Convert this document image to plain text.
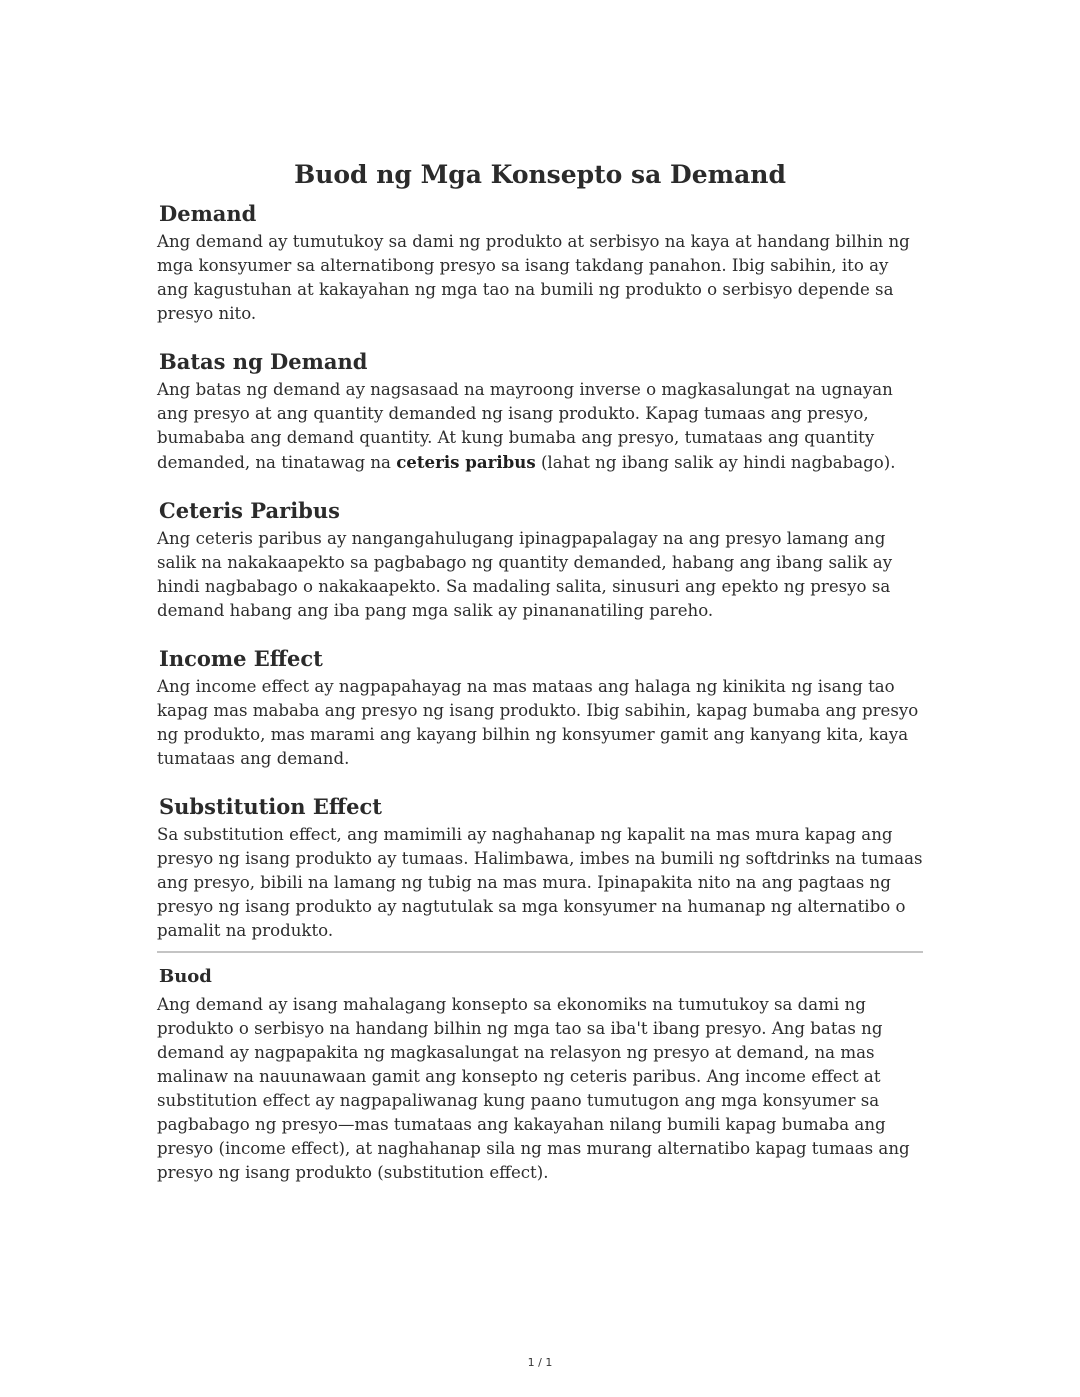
Buod ng Mga Konsepto sa Demand
Demand

Ang demand ay tumutukoy sa dami ng produkto at serbisyo na kaya at handang bilhin ng mga konsyumer sa alternatibong presyo sa isang takdang panahon. Ibig sabihin, ito ay ang kagustuhan at kakayahan ng mga tao na bumili ng produkto o serbisyo depende sa presyo nito.

Batas ng Demand

Ang batas ng demand ay nagsasaad na mayroong inverse o magkasalungat na ugnayan ang presyo at ang quantity demanded ng isang produkto. Kapag tumaas ang presyo, bumababa ang demand quantity. At kung bumaba ang presyo, tumataas ang quantity demanded, na tinatawag na ceteris paribus (lahat ng ibang salik ay hindi nagbabago).

Ceteris Paribus

Ang ceteris paribus ay nangangahulugang ipinagpapalagay na ang presyo lamang ang salik na nakakaapekto sa pagbabago ng quantity demanded, habang ang ibang salik ay hindi nagbabago o nakakaapekto. Sa madaling salita, sinusuri ang epekto ng presyo sa demand habang ang iba pang mga salik ay pinananatiling pareho.

Income Effect

Ang income effect ay nagpapahayag na mas mataas ang halaga ng kinikita ng isang tao kapag mas mababa ang presyo ng isang produkto. Ibig sabihin, kapag bumaba ang presyo ng produkto, mas marami ang kayang bilhin ng konsyumer gamit ang kanyang kita, kaya tumataas ang demand.

Substitution Effect

Sa substitution effect, ang mamimili ay naghahanap ng kapalit na mas mura kapag ang presyo ng isang produkto ay tumaas. Halimbawa, imbes na bumili ng softdrinks na tumaas ang presyo, bibili na lamang ng tubig na mas mura. Ipinapakita nito na ang pagtaas ng presyo ng isang produkto ay nagtutulak sa mga konsyumer na humanap ng alternatibo o pamalit na produkto.

Buod

Ang demand ay isang mahalagang konsepto sa ekonomiks na tumutukoy sa dami ng produkto o serbisyo na handang bilhin ng mga tao sa iba't ibang presyo. Ang batas ng demand ay nagpapakita ng magkasalungat na relasyon ng presyo at demand, na mas malinaw na nauunawaan gamit ang konsepto ng ceteris paribus. Ang income effect at substitution effect ay nagpapaliwanag kung paano tumutugon ang mga konsyumer sa pagbabago ng presyo—mas tumataas ang kakayahan nilang bumili kapag bumaba ang presyo (income effect), at naghahanap sila ng mas murang alternatibo kapag tumaas ang presyo ng isang produkto (substitution effect).

1 / 1
